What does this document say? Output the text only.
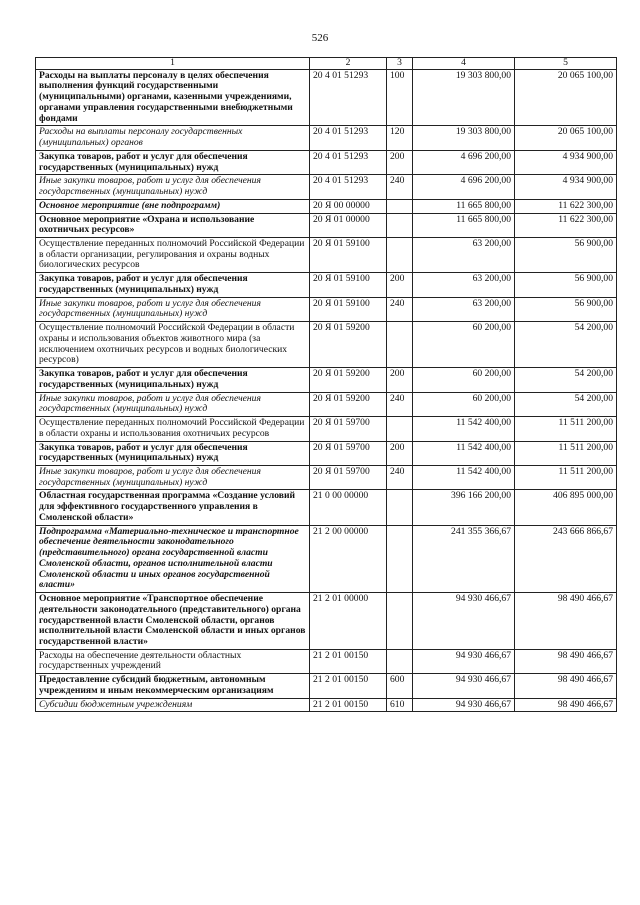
526
1	2	3	4	5
Расходы на выплаты персоналу в целях обеспечения выполнения функций государственными (муниципальными) органами, казенными учреждениями, органами управления государственными внебюджетными фондами	20 4 01 51293	100	19 303 800,00	20 065 100,00
Расходы на выплаты персоналу государственных (муниципальных) органов	20 4 01 51293	120	19 303 800,00	20 065 100,00
Закупка товаров, работ и услуг для обеспечения государственных (муниципальных) нужд	20 4 01 51293	200	4 696 200,00	4 934 900,00
Иные закупки товаров, работ и услуг для обеспечения государственных (муниципальных) нужд	20 4 01 51293	240	4 696 200,00	4 934 900,00
Основное мероприятие (вне подпрограмм)	20 Я 00 00000		11 665 800,00	11 622 300,00
Основное мероприятие «Охрана и использование охотничьих ресурсов»	20 Я 01 00000		11 665 800,00	11 622 300,00
Осуществление переданных полномочий Российской Федерации в области организации, регулирования и охраны водных биологических ресурсов	20 Я 01 59100		63 200,00	56 900,00
Закупка товаров, работ и услуг для обеспечения государственных (муниципальных) нужд	20 Я 01 59100	200	63 200,00	56 900,00
Иные закупки товаров, работ и услуг для обеспечения государственных (муниципальных) нужд	20 Я 01 59100	240	63 200,00	56 900,00
Осуществление полномочий Российской Федерации в области охраны и использования объектов животного мира (за исключением охотничьих ресурсов и водных биологических ресурсов)	20 Я 01 59200		60 200,00	54 200,00
Закупка товаров, работ и услуг для обеспечения государственных (муниципальных) нужд	20 Я 01 59200	200	60 200,00	54 200,00
Иные закупки товаров, работ и услуг для обеспечения государственных (муниципальных) нужд	20 Я 01 59200	240	60 200,00	54 200,00
Осуществление переданных полномочий Российской Федерации в области охраны и использования охотничьих ресурсов	20 Я 01 59700		11 542 400,00	11 511 200,00
Закупка товаров, работ и услуг для обеспечения государственных (муниципальных) нужд	20 Я 01 59700	200	11 542 400,00	11 511 200,00
Иные закупки товаров, работ и услуг для обеспечения государственных (муниципальных) нужд	20 Я 01 59700	240	11 542 400,00	11 511 200,00
Областная государственная программа «Создание условий для эффективного государственного управления в Смоленской области»	21 0 00 00000		396 166 200,00	406 895 000,00
Подпрограмма «Материально-техническое и транспортное обеспечение деятельности законодательного (представительного) органа государственной власти Смоленской области, органов исполнительной власти Смоленской области и иных органов государственной власти»	21 2 00 00000		241 355 366,67	243 666 866,67
Основное мероприятие «Транспортное обеспечение деятельности законодательного (представительного) органа государственной власти Смоленской области, органов исполнительной власти Смоленской области и иных органов государственной власти»	21 2 01 00000		94 930 466,67	98 490 466,67
Расходы на обеспечение деятельности областных государственных учреждений	21 2 01 00150		94 930 466,67	98 490 466,67
Предоставление субсидий бюджетным, автономным учреждениям и иным некоммерческим организациям	21 2 01 00150	600	94 930 466,67	98 490 466,67
Субсидии бюджетным учреждениям	21 2 01 00150	610	94 930 466,67	98 490 466,67
